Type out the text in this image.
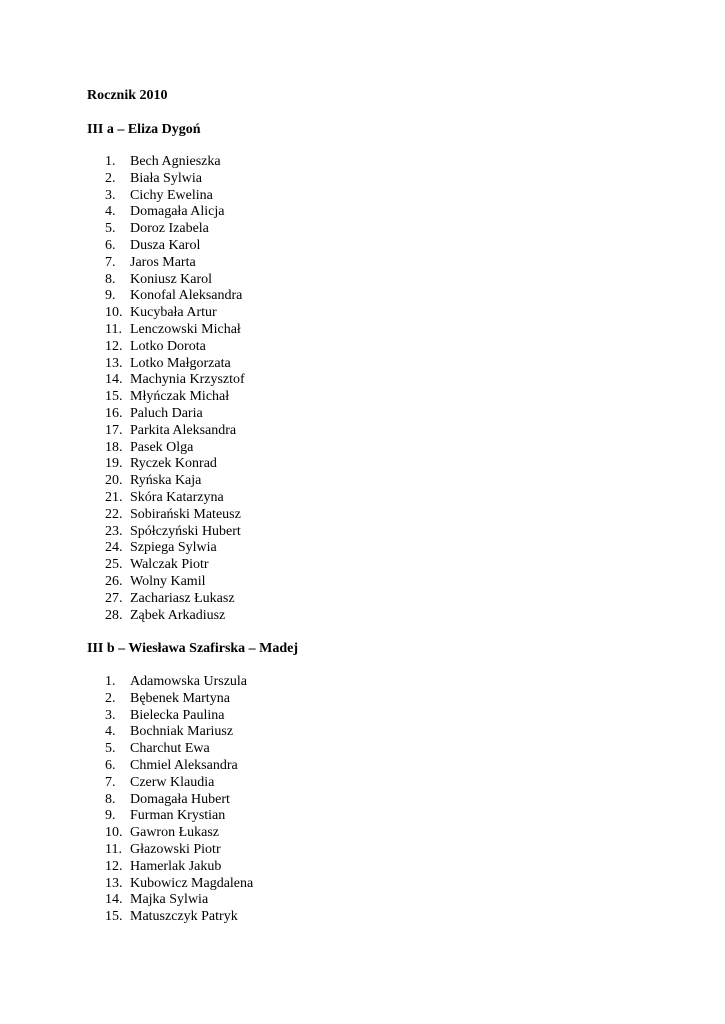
Rocznik 2010
III a – Eliza Dygoń
1. Bech Agnieszka
2. Biała Sylwia
3. Cichy Ewelina
4. Domagała Alicja
5. Doroz Izabela
6. Dusza Karol
7. Jaros Marta
8. Koniusz Karol
9. Konofal Aleksandra
10. Kucybała Artur
11. Lenczowski Michał
12. Lotko Dorota
13. Lotko Małgorzata
14. Machynia Krzysztof
15. Młyńczak Michał
16. Paluch Daria
17. Parkita Aleksandra
18. Pasek Olga
19. Ryczek Konrad
20. Ryńska Kaja
21. Skóra Katarzyna
22. Sobirański Mateusz
23. Spółczyński Hubert
24. Szpiega Sylwia
25. Walczak Piotr
26. Wolny Kamil
27. Zachariasz Łukasz
28. Ząbek Arkadiusz
III b – Wiesława Szafirska – Madej
1. Adamowska Urszula
2. Bębenek Martyna
3. Bielecka Paulina
4. Bochniak Mariusz
5. Charchut Ewa
6. Chmiel Aleksandra
7. Czerw Klaudia
8. Domagała Hubert
9. Furman Krystian
10. Gawron Łukasz
11. Głazowski Piotr
12. Hamerlak Jakub
13. Kubowicz Magdalena
14. Majka Sylwia
15. Matuszczyk Patryk
